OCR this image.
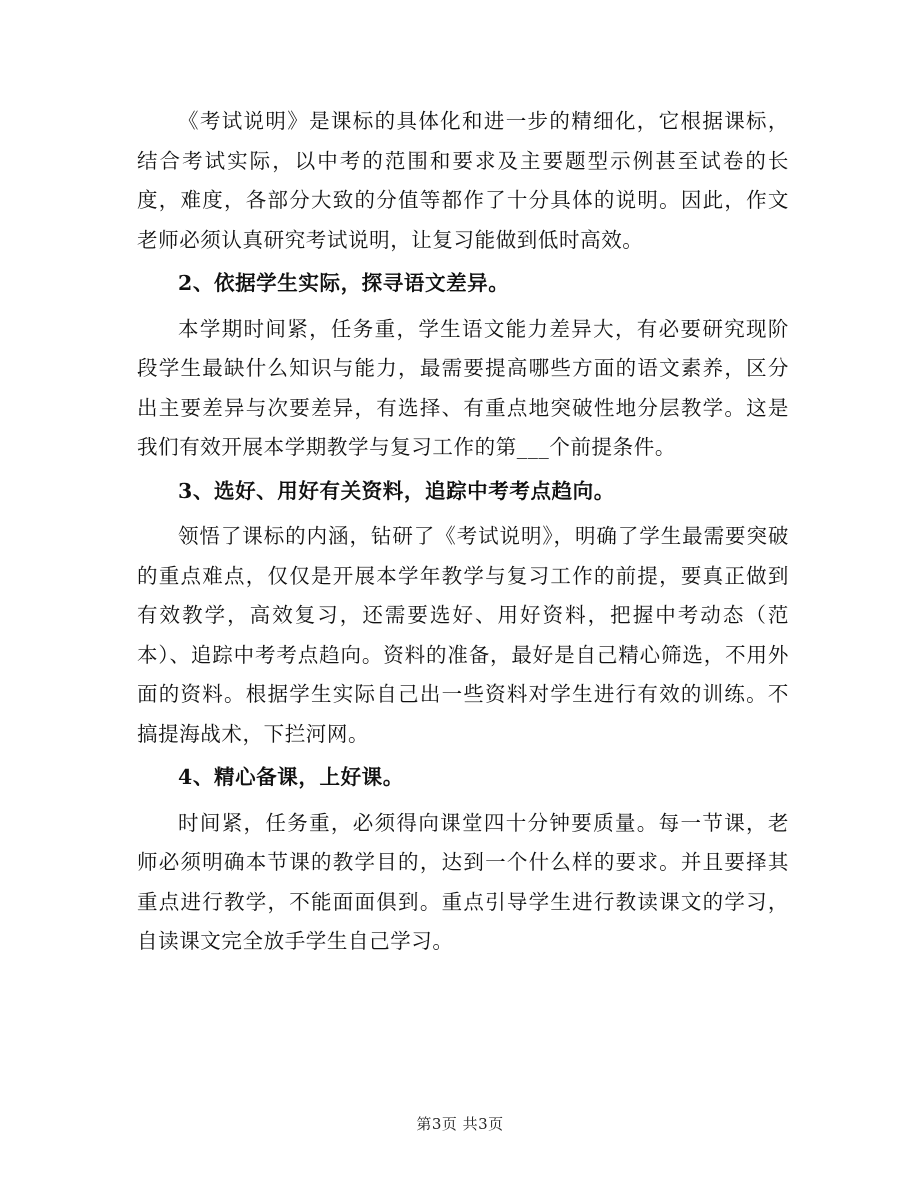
《考试说明》是课标的具体化和进一步的精细化，它根据课标，结合考试实际，以中考的范围和要求及主要题型示例甚至试卷的长度，难度，各部分大致的分值等都作了十分具体的说明。因此，作文老师必须认真研究考试说明，让复习能做到低时高效。

2、依据学生实际，探寻语文差异。

本学期时间紧，任务重，学生语文能力差异大，有必要研究现阶段学生最缺什么知识与能力，最需要提高哪些方面的语文素养，区分出主要差异与次要差异，有选择、有重点地突破性地分层教学。这是我们有效开展本学期教学与复习工作的第___个前提条件。

3、选好、用好有关资料，追踪中考考点趋向。

领悟了课标的内涵，钻研了《考试说明》，明确了学生最需要突破的重点难点，仅仅是开展本学年教学与复习工作的前提，要真正做到有效教学，高效复习，还需要选好、用好资料，把握中考动态（范本）、追踪中考考点趋向。资料的准备，最好是自己精心筛选，不用外面的资料。根据学生实际自己出一些资料对学生进行有效的训练。不搞提海战术，下拦河网。

4、精心备课，上好课。

时间紧，任务重，必须得向课堂四十分钟要质量。每一节课，老师必须明确本节课的教学目的，达到一个什么样的要求。并且要择其重点进行教学，不能面面俱到。重点引导学生进行教读课文的学习，自读课文完全放手学生自己学习。

第3页 共3页
